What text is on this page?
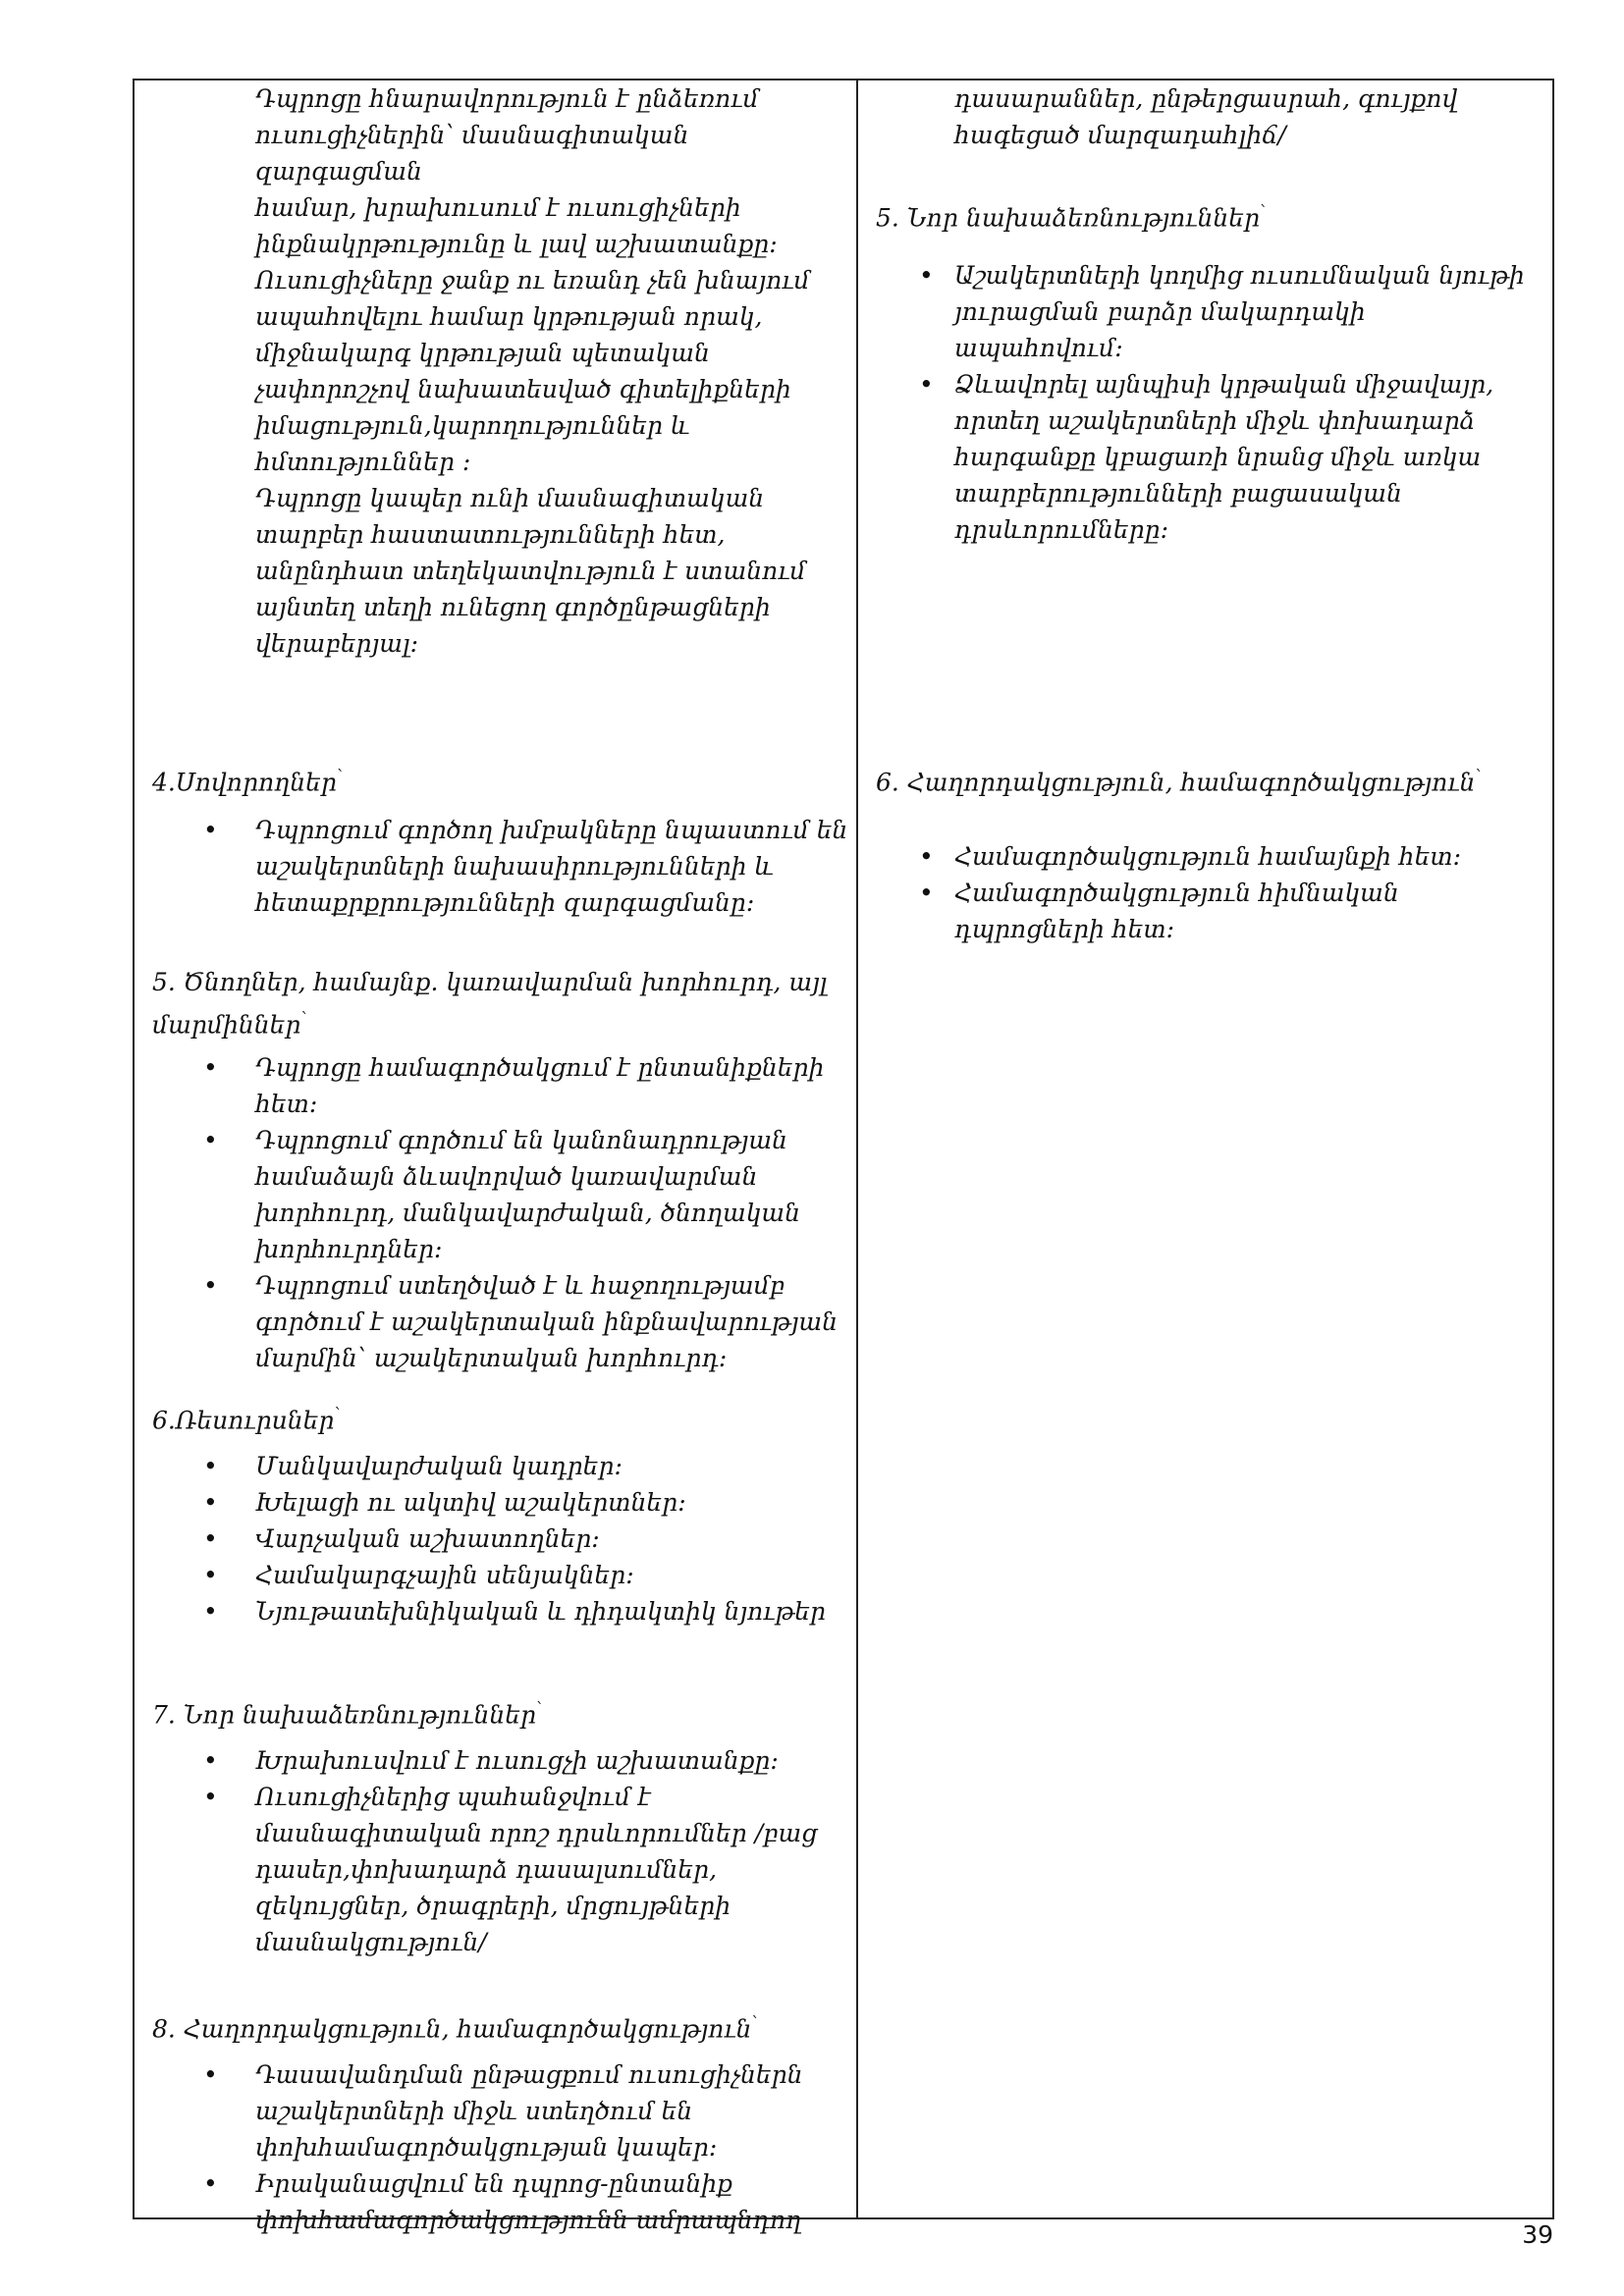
Դպրոցը հնարավորություն է ընձեռում
ուսուցիչներին՝ մասնագիտական զարգացման
համար, խրախուսում է ուսուցիչների
ինքնակրթությունը և լավ աշխատանքը:
Ուսուցիչները ջանք ու եռանդ չեն խնայում
ապահովելու համար կրթության որակ,
միջնակարգ կրթության պետական
չափորոշչով նախատեսված գիտելիքների
իմացություն,կարողություններ և
հմտություններ :
Դպրոցը կապեր ունի մասնագիտական
տարբեր հաստատությունների հետ,
անընդհատ տեղեկատվություն է ստանում
այնտեղ տեղի ունեցող գործընթացների
վերաբերյալ:
4.Սովորողներ՝
• Դպրոցում գործող խմբակները նպաստում են
աշակերտների նախասիրությունների և
հետաքրքրությունների զարգացմանը:
5. Ծնողներ, համայնք. կառավարման խորհուրդ, այլ
մարմիններ՝
• Դպրոցը համագործակցում է ընտանիքների
հետ:
• Դպրոցում գործում են կանոնադրության
համաձայն ձևավորված կառավարման
խորհուրդ, մանկավարժական, ծնողական
խորհուրդներ:
• Դպրոցում ստեղծված է և հաջողությամբ
գործում է աշակերտական ինքնավարության
մարմին՝ աշակերտական խորհուրդ:
6.Ռեսուրսներ՝
• Մանկավարժական կադրեր:
• Խելացի ու ակտիվ աշակերտներ:
• Վարչական աշխատողներ:
• Համակարգչային սենյակներ:
• Նյութատեխնիկական և դիդակտիկ նյութեր
7. Նոր նախաձեռնություններ՝
• Խրախուսվում է ուսուցչի աշխատանքը:
• Ուսուցիչներից պահանջվում է
մասնագիտական որոշ դրսևորումներ /բաց
դասեր,փոխադարձ դասալսումներ,
զեկույցներ, ծրագրերի, մրցույթների
մասնակցություն/
8. Հաղորդակցություն, համագործակցություն՝
• Դասավանդման ընթացքում ուսուցիչներն
աշակերտների միջև ստեղծում են
փոխհամագործակցության կապեր:
• Իրականացվում են դպրոց-ընտանիք
փոխհամագործակցությունն ամրապնդող
դասարաններ, ընթերցասրահ, գույքով
հագեցած մարզադահլիճ/
5. Նոր նախաձեռնություններ՝
• Աշակերտների կողմից ուսումնական նյութի
յուրացման բարձր մակարդակի
ապահովում:
• Ձևավորել այնպիսի կրթական միջավայր,
որտեղ աշակերտների միջև փոխադարձ
հարգանքը կբացառի նրանց միջև առկա
տարբերությունների բացասական
դրսևորումները:
6. Հաղորդակցություն, համագործակցություն՝
• Համագործակցություն համայնքի հետ:
• Համագործակցություն հիմնական
դպրոցների հետ:
39
